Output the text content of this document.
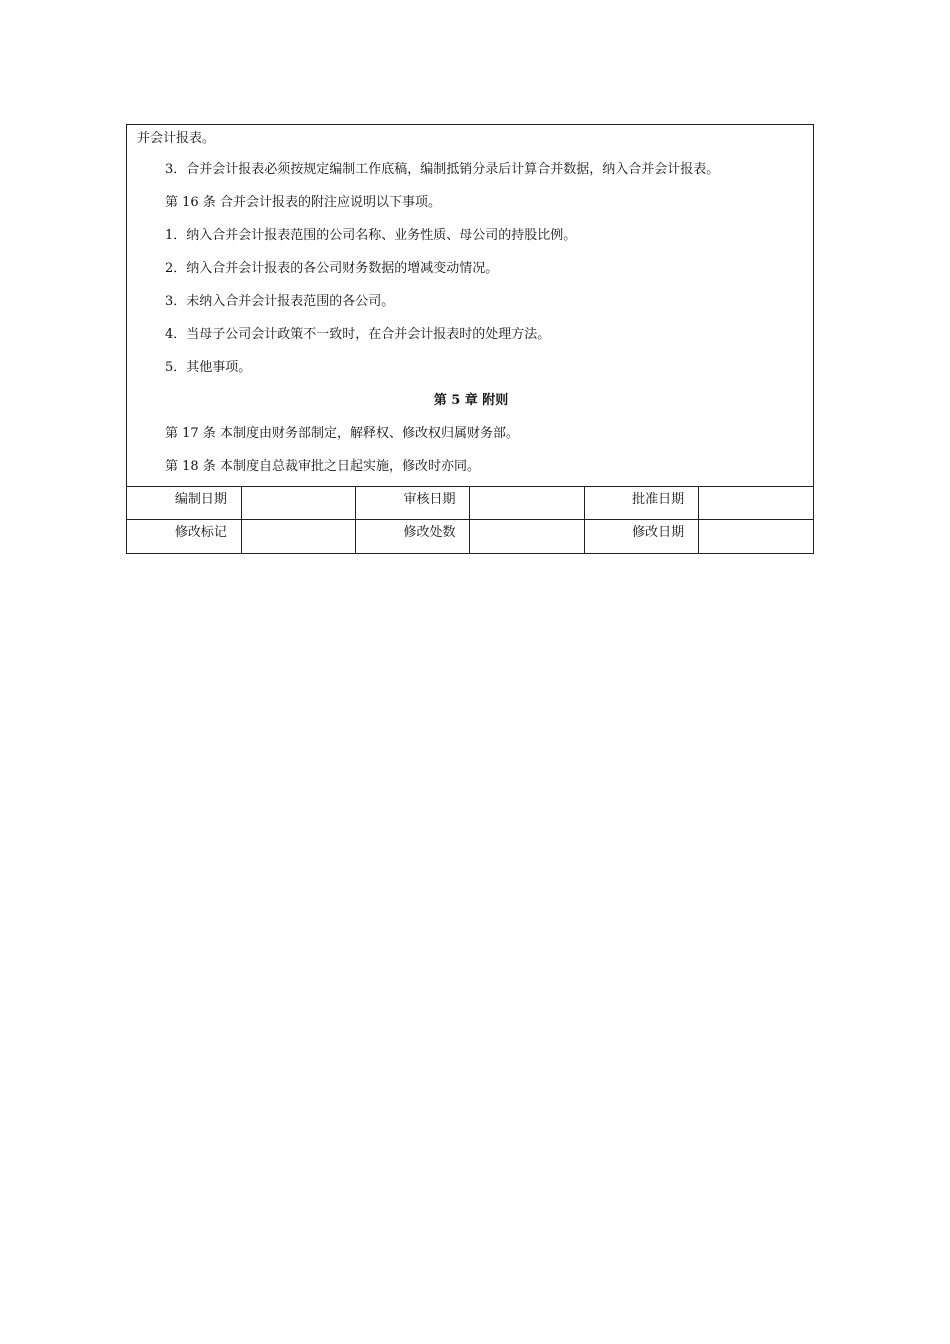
并会计报表。
3．合并会计报表必须按规定编制工作底稿，编制抵销分录后计算合并数据，纳入合并会计报表。
第 16 条 合并会计报表的附注应说明以下事项。
1．纳入合并会计报表范围的公司名称、业务性质、母公司的持股比例。
2．纳入合并会计报表的各公司财务数据的增减变动情况。
3．未纳入合并会计报表范围的各公司。
4．当母子公司会计政策不一致时，在合并会计报表时的处理方法。
5．其他事项。
第 5 章 附则
第 17 条 本制度由财务部制定，解释权、修改权归属财务部。
第 18 条 本制度自总裁审批之日起实施，修改时亦同。
编制日期		审核日期		批准日期	
修改标记		修改处数		修改日期	
